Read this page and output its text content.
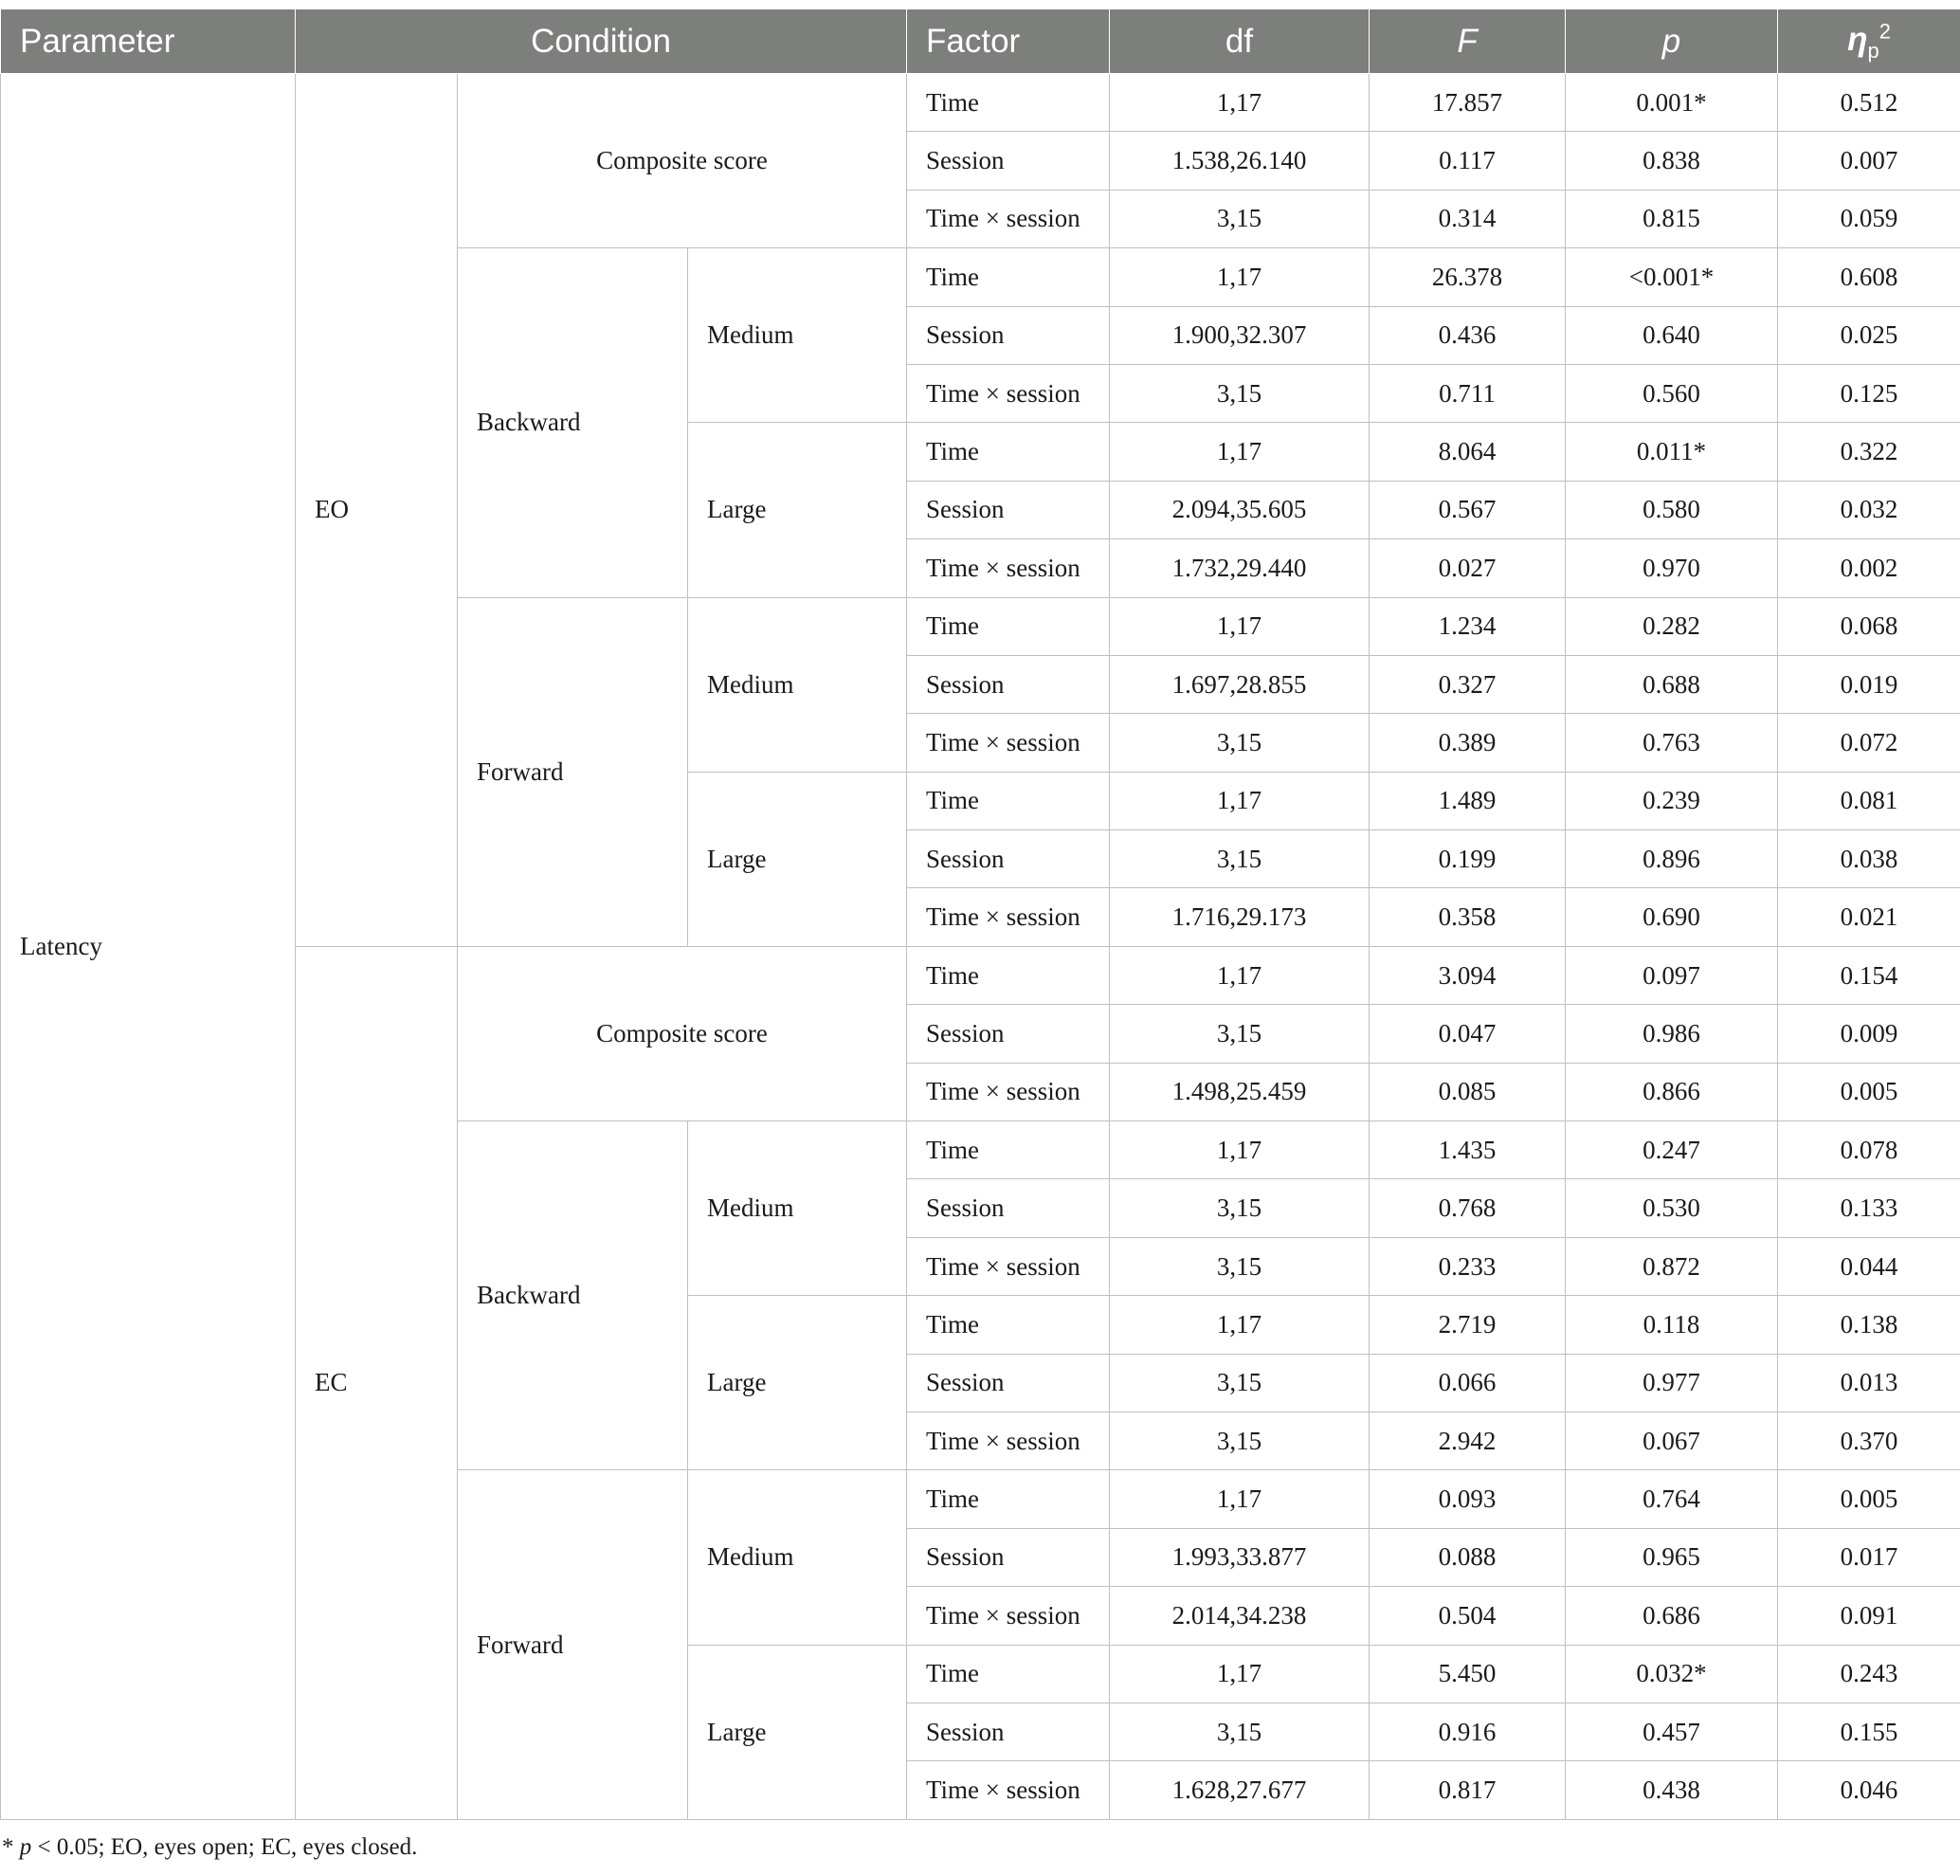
Parameter	Condition			Factor	df	F	p	$\eta_p^2$
Latency	EO	Composite score		Time	1,17	17.857	0.001*	0.512
				Session	1.538,26.140	0.117	0.838	0.007
				Time × session	3,15	0.314	0.815	0.059
		Backward	Medium	Time	1,17	26.378	<0.001*	0.608
				Session	1.900,32.307	0.436	0.640	0.025
				Time × session	3,15	0.711	0.560	0.125
			Large	Time	1,17	8.064	0.011*	0.322
				Session	2.094,35.605	0.567	0.580	0.032
				Time × session	1.732,29.440	0.027	0.970	0.002
		Forward	Medium	Time	1,17	1.234	0.282	0.068
				Session	1.697,28.855	0.327	0.688	0.019
				Time × session	3,15	0.389	0.763	0.072
			Large	Time	1,17	1.489	0.239	0.081
				Session	3,15	0.199	0.896	0.038
				Time × session	1.716,29.173	0.358	0.690	0.021
	EC	Composite score		Time	1,17	3.094	0.097	0.154
				Session	3,15	0.047	0.986	0.009
				Time × session	1.498,25.459	0.085	0.866	0.005
		Backward	Medium	Time	1,17	1.435	0.247	0.078
				Session	3,15	0.768	0.530	0.133
				Time × session	3,15	0.233	0.872	0.044
			Large	Time	1,17	2.719	0.118	0.138
				Session	3,15	0.066	0.977	0.013
				Time × session	3,15	2.942	0.067	0.370
		Forward	Medium	Time	1,17	0.093	0.764	0.005
				Session	1.993,33.877	0.088	0.965	0.017
				Time × session	2.014,34.238	0.504	0.686	0.091
			Large	Time	1,17	5.450	0.032*	0.243
				Session	3,15	0.916	0.457	0.155
				Time × session	1.628,27.677	0.817	0.438	0.046
* p < 0.05; EO, eyes open; EC, eyes closed.
